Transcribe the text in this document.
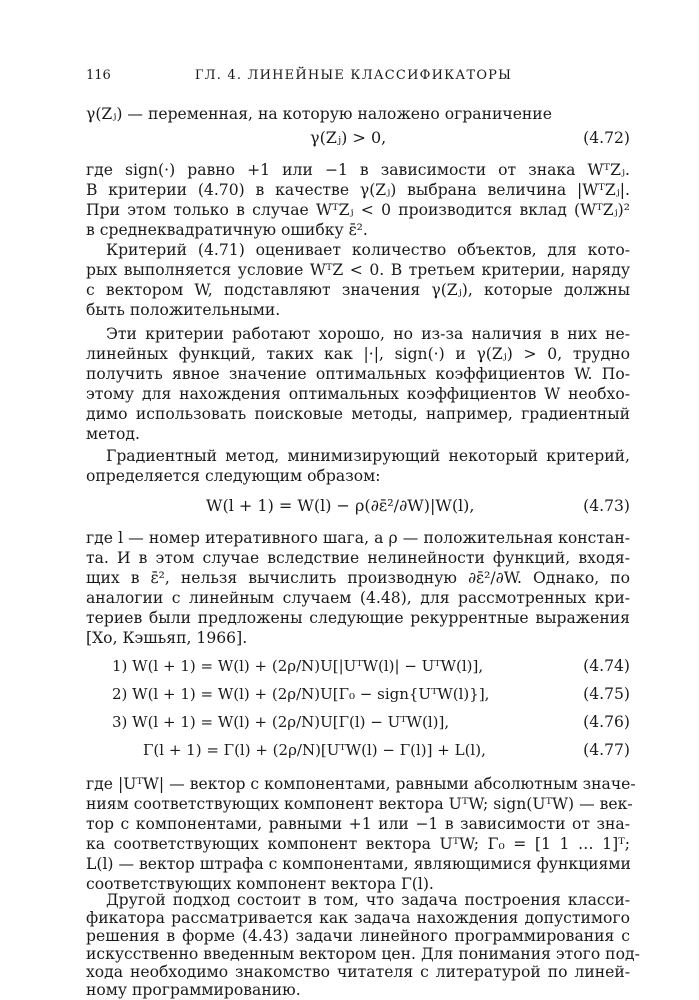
116	ГЛ. 4. ЛИНЕЙНЫЕ КЛАССИФИКАТОРЫ
γ(Zⱼ) — переменная, на которую наложено ограничение
γ(Zⱼ) > 0,	(4.72)
где sign(·) равно +1 или −1 в зависимости от знака WᵀZⱼ.
В критерии (4.70) в качестве γ(Zⱼ) выбрана величина |WᵀZⱼ|.
При этом только в случае WᵀZⱼ < 0 производится вклад (WᵀZⱼ)²
в среднеквадратичную ошибку ε̄².
Критерий (4.71) оценивает количество объектов, для кото-
рых выполняется условие WᵀZ < 0. В третьем критерии, наряду
с вектором W, подставляют значения γ(Zⱼ), которые должны
быть положительными.
Эти критерии работают хорошо, но из-за наличия в них не-
линейных функций, таких как |·|, sign(·) и γ(Zⱼ) > 0, трудно
получить явное значение оптимальных коэффициентов W. По-
этому для нахождения оптимальных коэффициентов W необхо-
димо использовать поисковые методы, например, градиентный
метод.
Градиентный метод, минимизирующий некоторый критерий,
определяется следующим образом:
W(l + 1) = W(l) − ρ(∂ε̄²/∂W)|W(l),	(4.73)
где l — номер итеративного шага, а ρ — положительная констан-
та. И в этом случае вследствие нелинейности функций, входя-
щих в ε̄², нельзя вычислить производную ∂ε̄²/∂W. Однако, по
аналогии с линейным случаем (4.48), для рассмотренных кри-
териев были предложены следующие рекуррентные выражения
[Хо, Кэшьяп, 1966].
1) W(l + 1) = W(l) + (2ρ/N)U[|UᵀW(l)| − UᵀW(l)],	(4.74)
2) W(l + 1) = W(l) + (2ρ/N)U[Γ₀ − sign{UᵀW(l)}],	(4.75)
3) W(l + 1) = W(l) + (2ρ/N)U[Γ(l) − UᵀW(l)],	(4.76)
Γ(l + 1) = Γ(l) + (2ρ/N)[UᵀW(l) − Γ(l)] + L(l),	(4.77)
где |UᵀW| — вектор с компонентами, равными абсолютным значе-
ниям соответствующих компонент вектора UᵀW; sign(UᵀW) — век-
тор с компонентами, равными +1 или −1 в зависимости от зна-
ка соответствующих компонент вектора UᵀW; Γ₀ = [1 1 … 1]ᵀ;
L(l) — вектор штрафа с компонентами, являющимися функциями
соответствующих компонент вектора Γ(l).
Другой подход состоит в том, что задача построения класси-
фикатора рассматривается как задача нахождения допустимого
решения в форме (4.43) задачи линейного программирования с
искусственно введенным вектором цен. Для понимания этого под-
хода необходимо знакомство читателя с литературой по линей-
ному программированию.
